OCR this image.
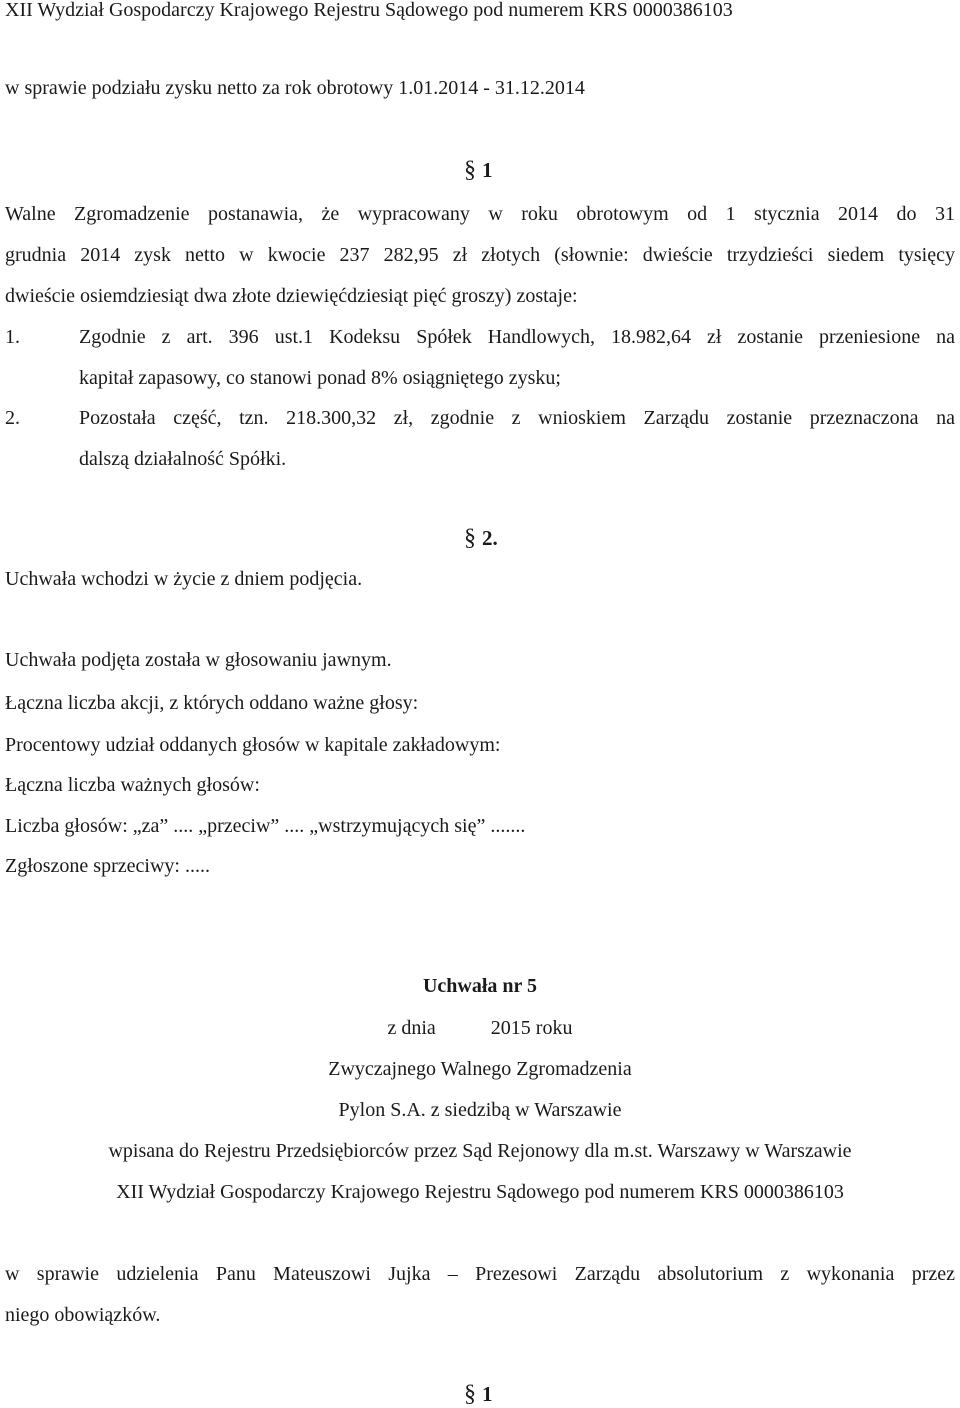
XII Wydział Gospodarczy Krajowego Rejestru Sądowego pod numerem KRS 0000386103
w sprawie podziału zysku netto za rok obrotowy 1.01.2014 - 31.12.2014
§ 1
Walne Zgromadzenie postanawia, że wypracowany w roku obrotowym od 1 stycznia 2014 do 31
grudnia 2014 zysk netto w kwocie 237 282,95 zł złotych (słownie: dwieście trzydzieści siedem tysięcy
dwieście osiemdziesiąt dwa złote dziewięćdziesiąt pięć groszy) zostaje:
1.	Zgodnie z art. 396 ust.1 Kodeksu Spółek Handlowych, 18.982,64 zł zostanie przeniesione na
kapitał zapasowy, co stanowi ponad 8% osiągniętego zysku;
2.	Pozostała część, tzn. 218.300,32 zł, zgodnie z wnioskiem Zarządu zostanie przeznaczona na
dalszą działalność Spółki.
§ 2.
Uchwała wchodzi w życie z dniem podjęcia.
Uchwała podjęta została w głosowaniu jawnym.
Łączna liczba akcji, z których oddano ważne głosy:
Procentowy udział oddanych głosów w kapitale zakładowym:
Łączna liczba ważnych głosów:
Liczba głosów: „za” .... „przeciw” .... „wstrzymujących się” .......
Zgłoszone sprzeciwy: .....
Uchwała nr 5
z dnia           2015 roku
Zwyczajnego Walnego Zgromadzenia
Pylon S.A. z siedzibą w Warszawie
wpisana do Rejestru Przedsiębiorców przez Sąd Rejonowy dla m.st. Warszawy w Warszawie
XII Wydział Gospodarczy Krajowego Rejestru Sądowego pod numerem KRS 0000386103
w sprawie udzielenia Panu Mateuszowi Jujka – Prezesowi Zarządu absolutorium z wykonania przez
niego obowiązków.
§ 1
